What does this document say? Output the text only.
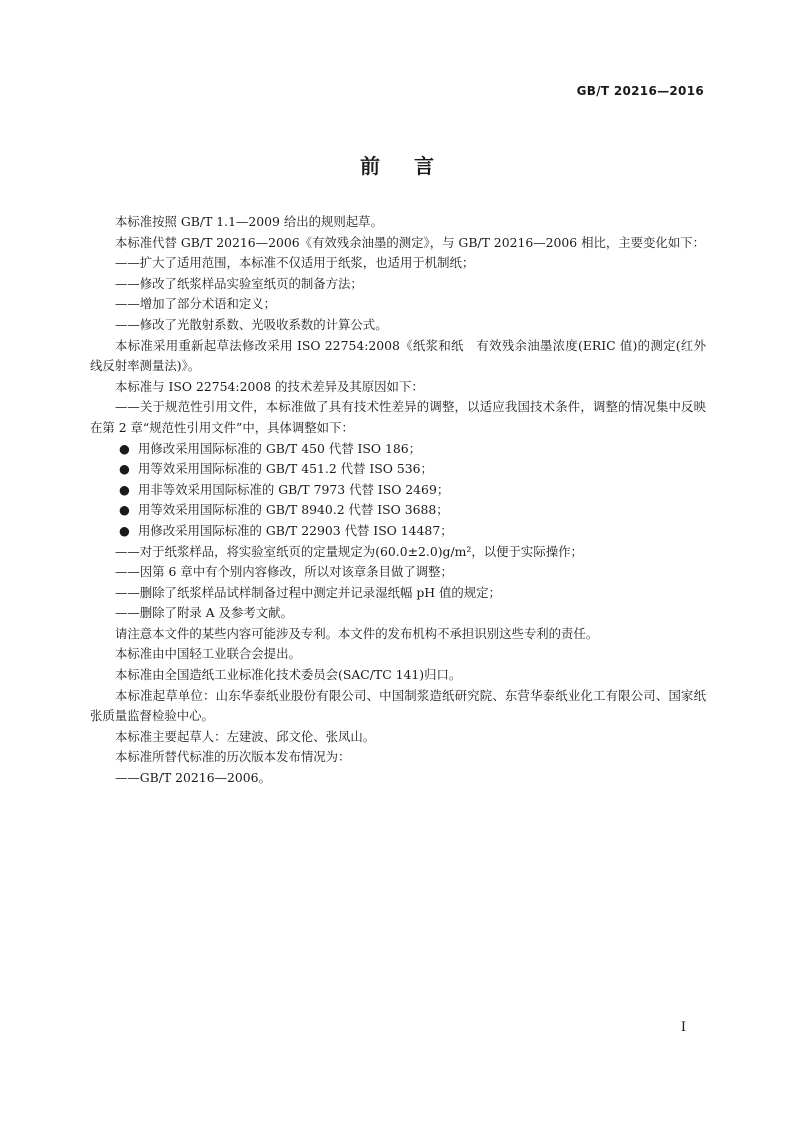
GB/T 20216—2016
前言

本标准按照 GB/T 1.1—2009 给出的规则起草。

本标准代替 GB/T 20216—2006《有效残余油墨的测定》，与 GB/T 20216—2006 相比，主要变化如下：

——扩大了适用范围，本标准不仅适用于纸浆，也适用于机制纸；

——修改了纸浆样品实验室纸页的制备方法；

——增加了部分术语和定义；

——修改了光散射系数、光吸收系数的计算公式。

本标准采用重新起草法修改采用 ISO 22754:2008《纸浆和纸　有效残余油墨浓度(ERIC 值)的测定(红外线反射率测量法)》。

本标准与 ISO 22754:2008 的技术差异及其原因如下：

——关于规范性引用文件，本标准做了具有技术性差异的调整，以适应我国技术条件，调整的情况集中反映在第 2 章“规范性引用文件”中，具体调整如下：

● 用修改采用国际标准的 GB/T 450 代替 ISO 186；

● 用等效采用国际标准的 GB/T 451.2 代替 ISO 536；

● 用非等效采用国际标准的 GB/T 7973 代替 ISO 2469；

● 用等效采用国际标准的 GB/T 8940.2 代替 ISO 3688；

● 用修改采用国际标准的 GB/T 22903 代替 ISO 14487；

——对于纸浆样品，将实验室纸页的定量规定为(60.0±2.0)g/m²，以便于实际操作；

——因第 6 章中有个别内容修改，所以对该章条目做了调整；

——删除了纸浆样品试样制备过程中测定并记录湿纸幅 pH 值的规定；

——删除了附录 A 及参考文献。

请注意本文件的某些内容可能涉及专利。本文件的发布机构不承担识别这些专利的责任。

本标准由中国轻工业联合会提出。

本标准由全国造纸工业标准化技术委员会(SAC/TC 141)归口。

本标准起草单位：山东华泰纸业股份有限公司、中国制浆造纸研究院、东营华泰纸业化工有限公司、国家纸张质量监督检验中心。

本标准主要起草人：左建波、邱文伦、张凤山。

本标准所替代标准的历次版本发布情况为：

——GB/T 20216—2006。

I
